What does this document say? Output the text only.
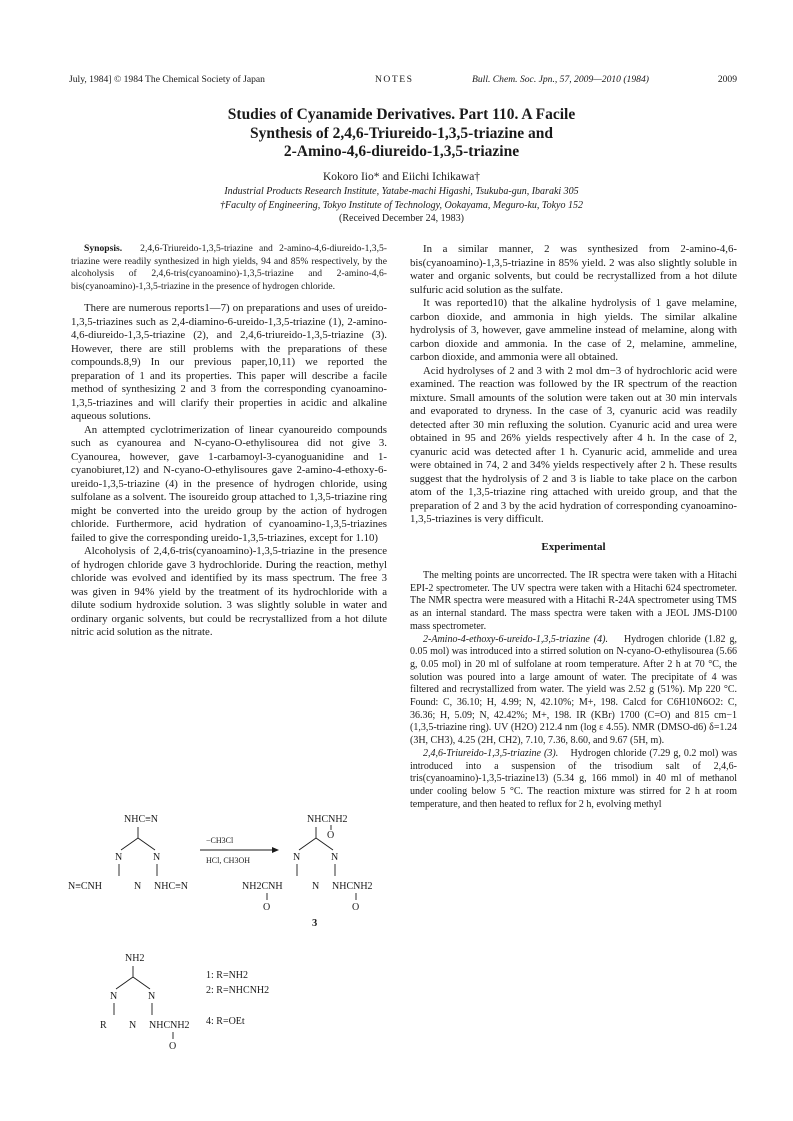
July, 1984] © 1984 The Chemical Society of Japan	NOTES	Bull. Chem. Soc. Jpn., 57, 2009—2010 (1984)	2009
Studies of Cyanamide Derivatives. Part 110. A Facile
Synthesis of 2,4,6-Triureido-1,3,5-triazine and
2-Amino-4,6-diureido-1,3,5-triazine

Kokoro Iio* and Eiichi Ichikawa†

Industrial Products Research Institute, Yatabe-machi Higashi, Tsukuba-gun, Ibaraki 305

†Faculty of Engineering, Tokyo Institute of Technology, Ookayama, Meguro-ku, Tokyo 152

(Received December 24, 1983)

Synopsis. 2,4,6-Triureido-1,3,5-triazine and 2-amino-4,6-diureido-1,3,5-triazine were readily synthesized in high yields, 94 and 85% respectively, by the alcoholysis of 2,4,6-tris(cyanoamino)-1,3,5-triazine and 2-amino-4,6-bis(cyanoamino)-1,3,5-triazine in the presence of hydrogen chloride.

There are numerous reports1—7) on preparations and uses of ureido-1,3,5-triazines such as 2,4-diamino-6-ureido-1,3,5-triazine (1), 2-amino-4,6-diureido-1,3,5-triazine (2), and 2,4,6-triureido-1,3,5-triazine (3). However, there are still problems with the preparations of these compounds.8,9) In our previous paper,10,11) we reported the preparation of 1 and its properties. This paper will describe a facile method of synthesizing 2 and 3 from the corresponding cyanoamino-1,3,5-triazines and will clarify their properties in acidic and alkaline aqueous solutions.

An attempted cyclotrimerization of linear cyanoureido compounds such as cyanourea and N-cyano-O-ethylisourea did not give 3. Cyanourea, however, gave 1-carbamoyl-3-cyanoguanidine and 1-cyanobiuret,12) and N-cyano-O-ethylisoures gave 2-amino-4-ethoxy-6-ureido-1,3,5-triazine (4) in the presence of hydrogen chloride, using sulfolane as a solvent. The isoureido group attached to 1,3,5-triazine ring might be converted into the ureido group by the action of hydrogen chloride. Furthermore, acid hydration of cyanoamino-1,3,5-triazines failed to give the corresponding ureido-1,3,5-triazines, except for 1.10)

Alcoholysis of 2,4,6-tris(cyanoamino)-1,3,5-triazine in the presence of hydrogen chloride gave 3 hydrochloride. During the reaction, methyl chloride was evolved and identified by its mass spectrum. The free 3 was given in 94% yield by the treatment of its hydrochloride with a dilute sodium hydroxide solution. 3 was slightly soluble in water and ordinary organic solvents, but could be recrystallized from a hot dilute nitric acid solution as the nitrate.

NHC≡N
N	N
N≡CNH	N NHC≡N
−CH3Cl
HCl, CH3OH
NHCNH2
O
N	N
NH2CNH	N NHCNH2
O	O
3
NH2
N	N
R N NHCNH2
O
1: R=NH2
2: R=NHCNH2
4: R=OEt

In a similar manner, 2 was synthesized from 2-amino-4,6-bis(cyanoamino)-1,3,5-triazine in 85% yield. 2 was also slightly soluble in water and organic solvents, but could be recrystallized from a hot dilute sulfuric acid solution as the sulfate.

It was reported10) that the alkaline hydrolysis of 1 gave melamine, carbon dioxide, and ammonia in high yields. The similar alkaline hydrolysis of 3, however, gave ammeline instead of melamine, along with carbon dioxide and ammonia. In the case of 2, melamine, ammeline, carbon dioxide, and ammonia were all obtained.

Acid hydrolyses of 2 and 3 with 2 mol dm−3 of hydrochloric acid were examined. The reaction was followed by the IR spectrum of the reaction mixture. Small amounts of the solution were taken out at 30 min intervals and evaporated to dryness. In the case of 3, cyanuric acid was readily detected after 30 min refluxing the solution. Cyanuric acid and urea were obtained in 95 and 26% yields respectively after 4 h. In the case of 2, cyanuric acid was detected after 1 h. Cyanuric acid, ammelide and urea were obtained in 74, 2 and 34% yields respectively after 2 h. These results suggest that the hydrolysis of 2 and 3 is liable to take place on the carbon atom of the 1,3,5-triazine ring attached with ureido group, and that the preparation of 2 and 3 by the acid hydration of corresponding cyanoamino-1,3,5-triazines is very difficult.

Experimental

The melting points are uncorrected. The IR spectra were taken with a Hitachi EPI-2 spectrometer. The UV spectra were taken with a Hitachi 624 spectrometer. The NMR spectra were measured with a Hitachi R-24A spectrometer using TMS as an internal standard. The mass spectra were taken with a JEOL JMS-D100 mass spectrometer.

2-Amino-4-ethoxy-6-ureido-1,3,5-triazine (4). Hydrogen chloride (1.82 g, 0.05 mol) was introduced into a stirred solution on N-cyano-O-ethylisourea (5.66 g, 0.05 mol) in 20 ml of sulfolane at room temperature. After 2 h at 70 °C, the solution was poured into a large amount of water. The precipitate of 4 was filtered and recrystallized from water. The yield was 2.52 g (51%). Mp 220 °C. Found: C, 36.10; H, 4.99; N, 42.10%; M+, 198. Calcd for C6H10N6O2: C, 36.36; H, 5.09; N, 42.42%; M+, 198. IR (KBr) 1700 (C=O) and 815 cm−1 (1,3,5-triazine ring). UV (H2O) 212.4 nm (log ε 4.55). NMR (DMSO-d6) δ=1.24 (3H, CH3), 4.25 (2H, CH2), 7.10, 7.36, 8.60, and 9.67 (5H, m).

2,4,6-Triureido-1,3,5-triazine (3). Hydrogen chloride (7.29 g, 0.2 mol) was introduced into a suspension of the trisodium salt of 2,4,6-tris(cyanoamino)-1,3,5-triazine13) (5.34 g, 166 mmol) in 40 ml of methanol under cooling below 5 °C. The reaction mixture was stirred for 2 h at room temperature, and then heated to reflux for 2 h, evolving methyl
